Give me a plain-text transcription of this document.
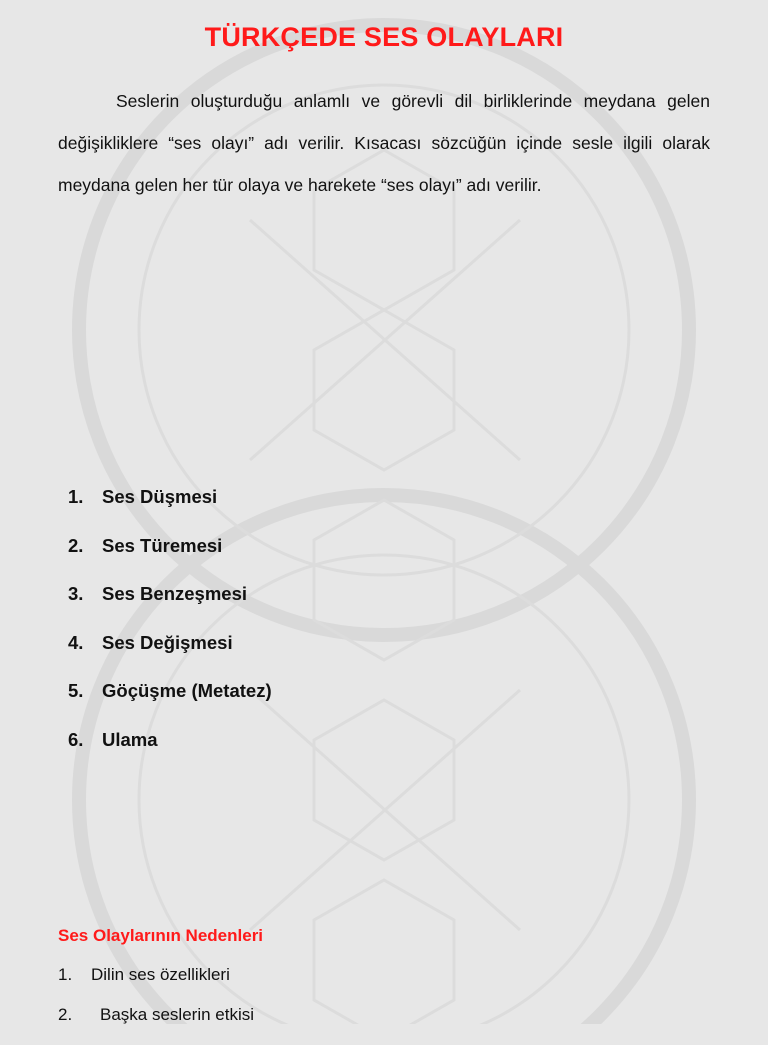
TÜRKÇEDE SES OLAYLARI
Seslerin oluşturduğu anlamlı ve görevli dil birliklerinde meydana gelen değişikliklere “ses olayı” adı verilir. Kısacası sözcüğün içinde sesle ilgili olarak meydana gelen her tür olaya ve harekete “ses olayı” adı verilir.
1.	Ses Düşmesi
2.	Ses Türemesi
3.	Ses Benzeşmesi
4.	Ses Değişmesi
5.	Göçüşme (Metatez)
6.	Ulama
Ses Olaylarının Nedenleri
1.	Dilin ses özellikleri
2.	Başka seslerin etkisi
